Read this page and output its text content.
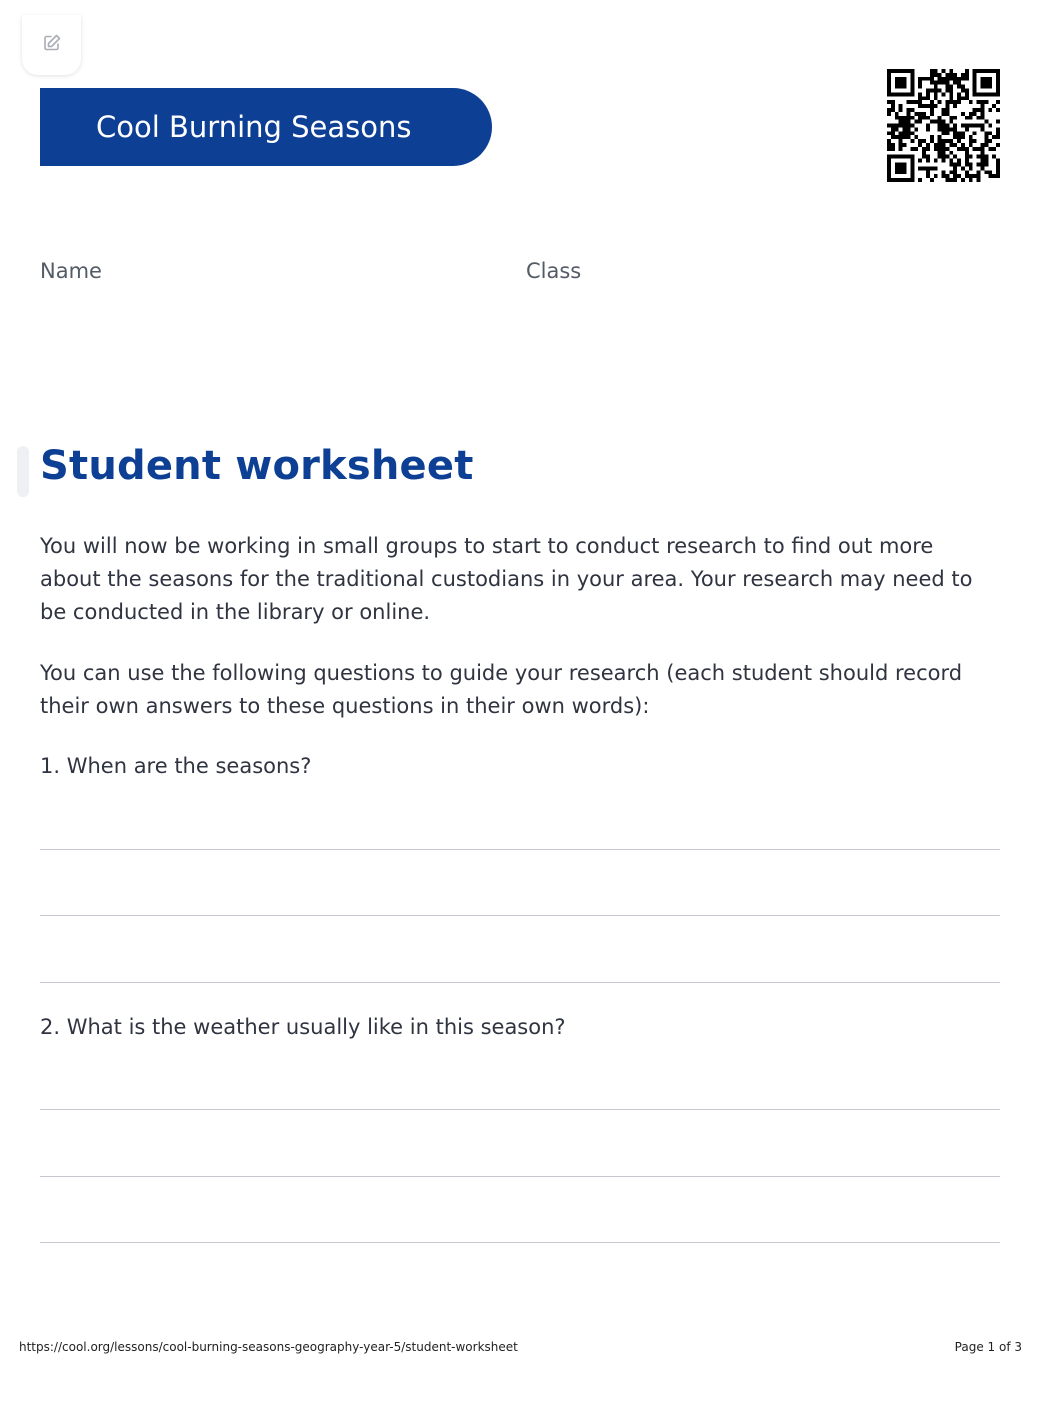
Cool Burning Seasons
Name	Class
Student worksheet

You will now be working in small groups to start to conduct research to find out more about the seasons for the traditional custodians in your area. Your research may need to be conducted in the library or online.

You can use the following questions to guide your research (each student should record their own answers to these questions in their own words):

1. When are the seasons?

2. What is the weather usually like in this season?

https://cool.org/lessons/cool-burning-seasons-geography-year-5/student-worksheet	Page 1 of 3
